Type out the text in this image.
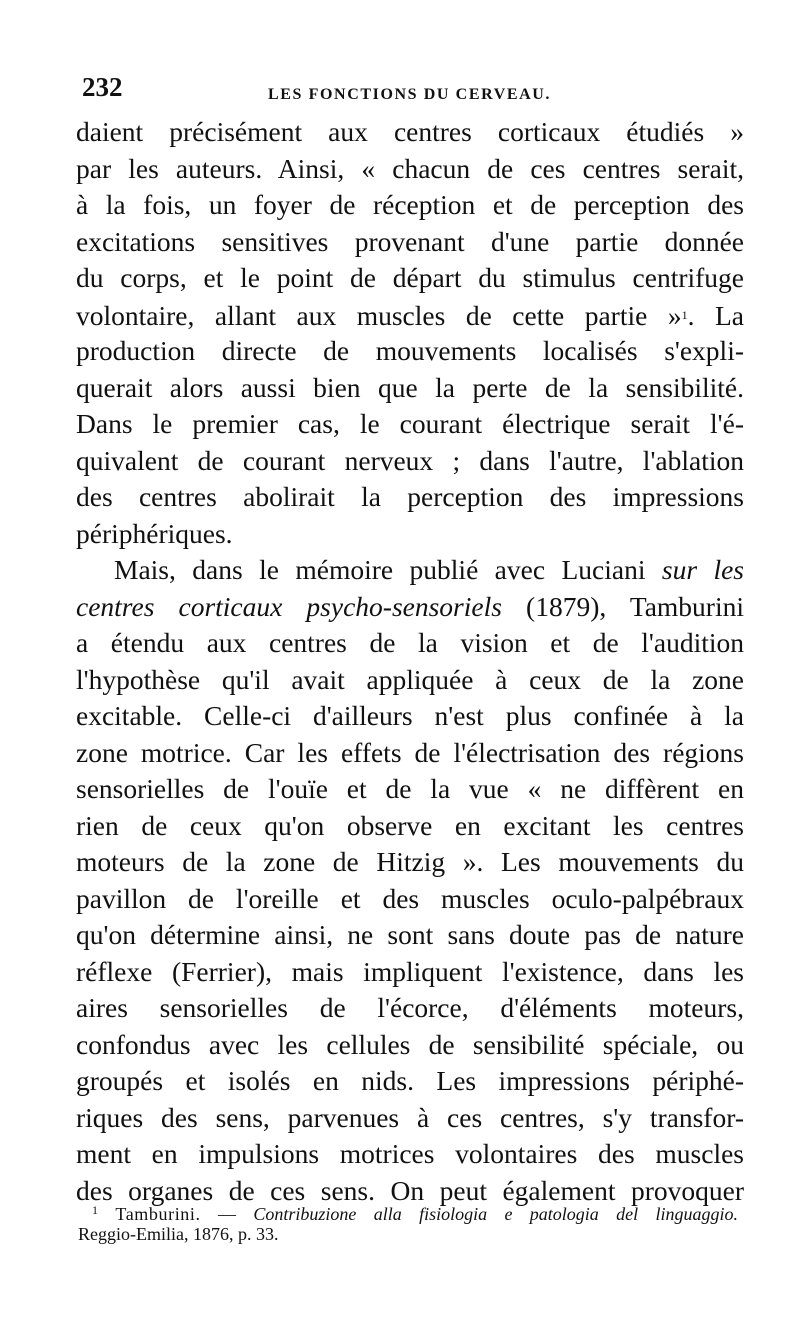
232	LES FONCTIONS DU CERVEAU.
daient précisément aux centres corticaux étudiés »
par les auteurs. Ainsi, « chacun de ces centres serait,
à la fois, un foyer de réception et de perception des
excitations sensitives provenant d'une partie donnée
du corps, et le point de départ du stimulus centrifuge
volontaire, allant aux muscles de cette partie »$^1$. La
production directe de mouvements localisés s'expli-
querait alors aussi bien que la perte de la sensibilité.
Dans le premier cas, le courant électrique serait l'é-
quivalent de courant nerveux ; dans l'autre, l'ablation
des centres abolirait la perception des impressions
périphériques.
Mais, dans le mémoire publié avec Luciani sur les
centres corticaux psycho-sensoriels (1879), Tamburini
a étendu aux centres de la vision et de l'audition
l'hypothèse qu'il avait appliquée à ceux de la zone
excitable. Celle-ci d'ailleurs n'est plus confinée à la
zone motrice. Car les effets de l'électrisation des régions
sensorielles de l'ouïe et de la vue « ne diffèrent en
rien de ceux qu'on observe en excitant les centres
moteurs de la zone de Hitzig ». Les mouvements du
pavillon de l'oreille et des muscles oculo-palpébraux
qu'on détermine ainsi, ne sont sans doute pas de nature
réflexe (Ferrier), mais impliquent l'existence, dans les
aires sensorielles de l'écorce, d'éléments moteurs,
confondus avec les cellules de sensibilité spéciale, ou
groupés et isolés en nids. Les impressions périphé-
riques des sens, parvenues à ces centres, s'y transfor-
ment en impulsions motrices volontaires des muscles
des organes de ces sens. On peut également provoquer
$^1$ Tamburini. — Contribuzione alla fisiologia e patologia del linguaggio.
Reggio-Emilia, 1876, p. 33.
